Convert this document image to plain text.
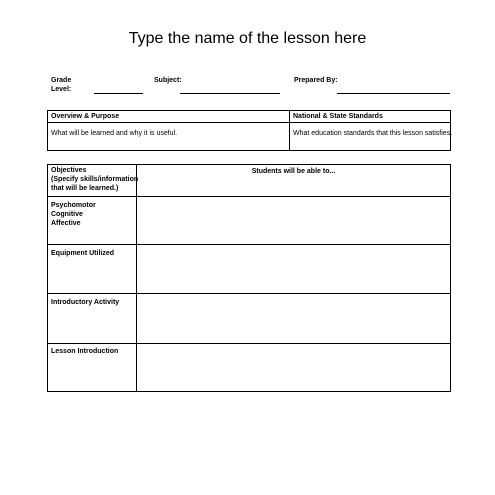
Type the name of the lesson here
Grade
Level:
Subject:	Prepared By:
Overview & Purpose
What will be learned and why it is useful.
National & State Standards
What education standards that this lesson satisfies.
Objectives
(Specify skills/information
that will be learned.)
Students will be able to...
Psychomotor
Cognitive
Affective
Equipment Utilized
Introductory Activity
Lesson Introduction
